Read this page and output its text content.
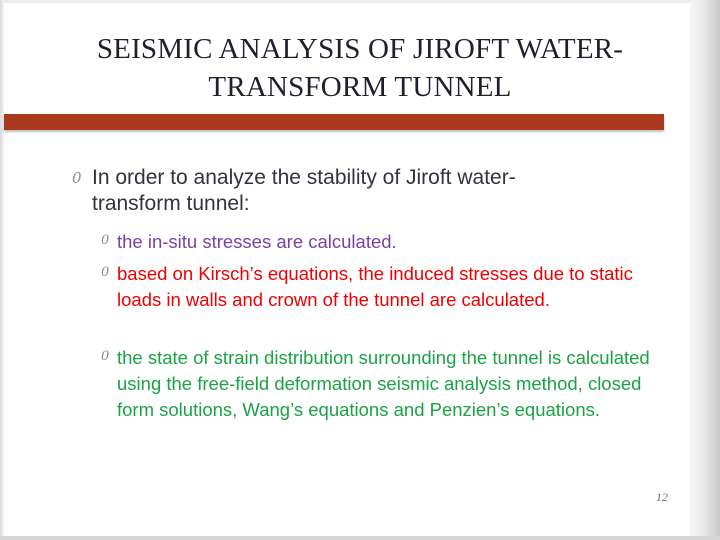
SEISMIC ANALYSIS OF JIROFT WATER-
TRANSFORM TUNNEL
0 In order to analyze the stability of Jiroft water-transform tunnel:
0 the in-situ stresses are calculated.
0 based on Kirsch’s equations, the induced stresses due to static loads in walls and crown of the tunnel are calculated.
0 the state of strain distribution surrounding the tunnel is calculated using the free-field deformation seismic analysis method, closed form solutions, Wang’s equations and Penzien’s equations.
12
